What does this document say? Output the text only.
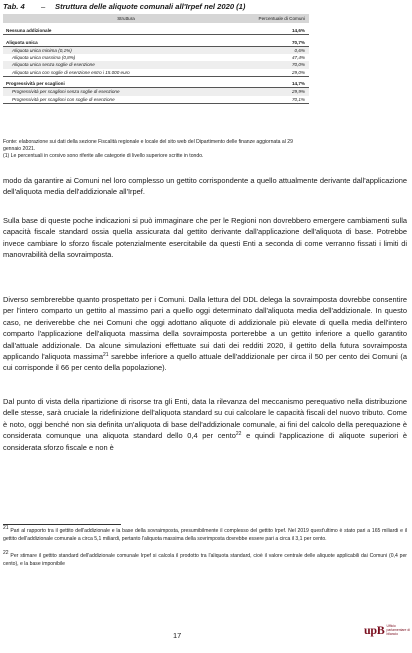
Tab. 4 – Struttura delle aliquote comunali all'Irpef nel 2020 (1)
Struttura	Percentuale di Comuni

Nessuna addizionale	14,6%

Aliquota unica	70,7%
Aliquota unica minima (0,1%)	0,6%
Aliquota unica massima (0,8%)	47,4%
Aliquota unica senza soglie di esenzione	70,0%
Aliquota unica con soglie di esenzione entro i 15.000 euro	29,0%

Progressività per scaglioni	14,7%
Progressività per scaglioni senza soglie di esenzione	29,9%
Progressività per scaglioni con soglie di esenzione	70,1%
Fonte: elaborazione sui dati della sezione Fiscalità regionale e locale del sito web del Dipartimento delle finanze aggiornata al 29 gennaio 2021.
(1) Le percentuali in corsivo sono riferite alle categorie di livello superiore scritte in tondo.

modo da garantire ai Comuni nel loro complesso un gettito corrispondente a quello attualmente derivante dall'applicazione dell'aliquota media dell'addizionale all'Irpef.

Sulla base di queste poche indicazioni si può immaginare che per le Regioni non dovrebbero emergere cambiamenti sulla capacità fiscale standard ossia quella assicurata dal gettito derivante dall'applicazione dell'aliquota di base. Potrebbe invece cambiare lo sforzo fiscale potenzialmente esercitabile da questi Enti a seconda di come verranno fissati i limiti di manovrabilità della sovraimposta.

Diverso sembrerebbe quanto prospettato per i Comuni. Dalla lettura del DDL delega la sovraimposta dovrebbe consentire per l'intero comparto un gettito al massimo pari a quello oggi determinato dall'aliquota media dell'addizionale. In questo caso, ne deriverebbe che nei Comuni che oggi adottano aliquote di addizionale più elevate di quella media dell'intero comparto l'applicazione dell'aliquota massima della sovraimposta porterebbe a un gettito inferiore a quello garantito dall'attuale addizionale. Da alcune simulazioni effettuate sui dati dei redditi 2020, il gettito della futura sovraimposta applicando l'aliquota massima$^{21}$ sarebbe inferiore a quello attuale dell'addizionale per circa il 50 per cento dei Comuni (a cui corrisponde il 66 per cento della popolazione).

Dal punto di vista della ripartizione di risorse tra gli Enti, data la rilevanza del meccanismo perequativo nella distribuzione delle stesse, sarà cruciale la ridefinizione dell'aliquota standard su cui calcolare le capacità fiscali del nuovo tributo. Come è noto, oggi benché non sia definita un'aliquota di base dell'addizionale comunale, ai fini del calcolo della perequazione è considerata comunque una aliquota standard dello 0,4 per cento$^{22}$ e quindi l'applicazione di aliquote superiori è considerata sforzo fiscale e non è

$^{21}$ Pari al rapporto tra il gettito dell'addizionale e la base della sovraimposta, presumibilmente il complesso del gettito Irpef. Nel 2019 quest'ultimo è stato pari a 165 miliardi e il gettito dell'addizionale comunale a circa 5,1 miliardi, pertanto l'aliquota massima della sovrimposta dovrebbe essere pari a circa il 3,1 per cento.

$^{22}$ Per stimare il gettito standard dell'addizionale comunale Irpef si calcola il prodotto tra l'aliquota standard, cioè il valore centrale delle aliquote applicabili dai Comuni (0,4 per cento), e la base imponibile

17	upB Ufficio parlamentare di bilancio
